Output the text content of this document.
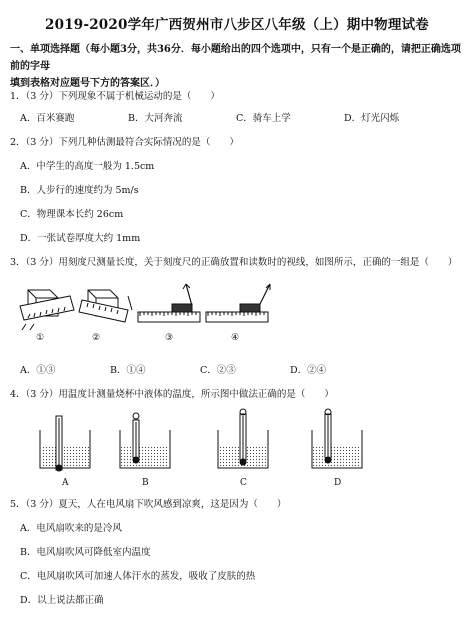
2019-2020学年广西贺州市八步区八年级（上）期中物理试卷
一、单项选择题（每小题3分，共36分．每小题给出的四个选项中，只有一个是正确的，请把正确选项前的字母
填到表格对应题号下方的答案区．）
1．（3 分）下列现象不属于机械运动的是（　　）
A．百米赛跑	B．大河奔流	C．骑车上学	D．灯光闪烁
2．（3 分）下列几种估测最符合实际情况的是（　　）
A．中学生的高度一般为 1.5cm
B．人步行的速度约为 5m/s
C．物理课本长约 26cm
D．一张试卷厚度大约 1mm
3．（3 分）用刻度尺测量长度，关于刻度尺的正确放置和读数时的视线，如图所示，正确的一组是（　　）
①	②	③	④
A．①③	B．①④	C．②③	D．②④
4．（3 分）用温度计测量烧杯中液体的温度，所示图中做法正确的是（　　）
A	B	C	D
5．（3 分）夏天，人在电风扇下吹风感到凉爽，这是因为（　　）
A．电风扇吹来的是冷风
B．电风扇吹风可降低室内温度
C．电风扇吹风可加速人体汗水的蒸发，吸收了皮肤的热
D．以上说法都正确
